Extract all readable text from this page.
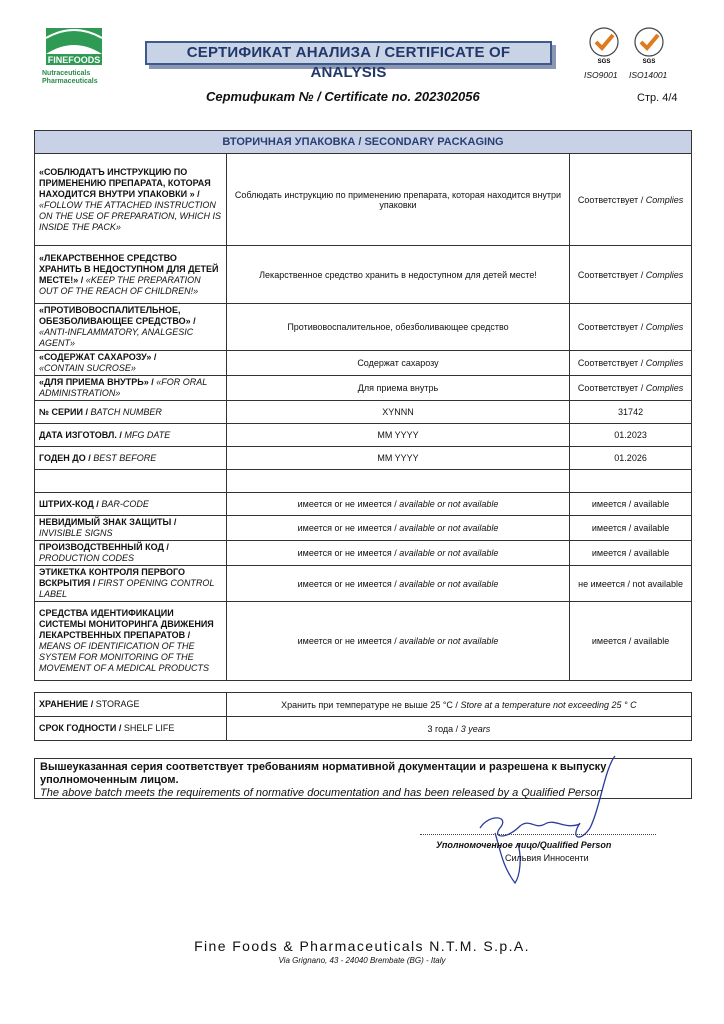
FINEFOODS
Nutraceuticals
Pharmaceuticals
СЕРТИФИКАТ АНАЛИЗА / CERTIFICATE OF ANALYSIS
SGS	SGS
ISO9001 ISO14001
Сертификат № / Certificate no. 202302056	Стр. 4/4
ВТОРИЧНАЯ УПАКОВКА / SECONDARY PACKAGING		
«СОБЛЮДАТЪ ИНСТРУКЦИЮ ПО ПРИМЕНЕНИЮ ПРЕПАРАТА, КОТОРАЯ НАХОДИТСЯ ВНУТРИ УПАКОВКИ » /
«FOLLOW THE ATTACHED INSTRUCTION ON THE USE OF PREPARATION, WHICH IS INSIDE THE PACK»	Соблюдать инструкцию по применению препарата, которая находится внутри упаковки	Соответствует / Complies
«ЛЕКАРСТВЕННОЕ СРЕДСТВО ХРАНИТЬ В НЕДОСТУПНОМ ДЛЯ ДЕТЕЙ МЕСТЕ!» / «KEEP THE PREPARATION OUT OF THE REACH OF CHILDREN!»	Лекарственное средство хранить в недоступном для детей месте!	Соответствует / Complies
«ПРОТИВОВОСПАЛИТЕЛЬНОЕ, ОБЕЗБОЛИВАЮЩЕЕ СРЕДСТВО» /
«ANTI-INFLAMMATORY, ANALGESIC AGENT»	Противовоспалительное, обезболивающее средство	Соответствует / Complies
«СОДЕРЖАТ САХАРОЗУ» /
«CONTAIN SUCROSE»	Содержат сахарозу	Соответствует / Complies
«ДЛЯ ПРИЕМА ВНУТРЬ» / «FOR ORAL ADMINISTRATION»	Для приема внутрь	Соответствует / Complies
№ СЕРИИ / BATCH NUMBER	XYNNN	31742
ДАТА ИЗГОТОВЛ. / MFG DATE	MM YYYY	01.2023
ГОДЕН ДО / BEST BEFORE	MM YYYY	01.2026

ШТРИХ-КОД / BAR-CODE	имеется or не имеется / available or not available	имеется / available
НЕВИДИМЫЙ ЗНАК ЗАЩИТЫ /
INVISIBLE SIGNS	имеется or не имеется / available or not available	имеется / available
ПРОИЗВОДСТВЕННЫЙ КОД /
PRODUCTION CODES	имеется or не имеется / available or not available	имеется / available
ЭТИКЕТКА КОНТРОЛЯ ПЕРВОГО ВСКРЫТИЯ / FIRST OPENING CONTROL LABEL	имеется or не имеется / available or not available	не имеется / not available
СРЕДСТВА ИДЕНТИФИКАЦИИ СИСТЕМЫ МОНИТОРИНГА ДВИЖЕНИЯ ЛЕКАРСТВЕННЫХ ПРЕПАРАТОВ / MEANS OF IDENTIFICATION OF THE SYSTEM FOR MONITORING OF THE MOVEMENT OF A MEDICAL PRODUCTS	имеется or не имеется / available or not available	имеется / available
ХРАНЕНИЕ / STORAGE	Хранить при температуре не выше 25 °C / Store at a temperature not exceeding 25 ° C
СРОК ГОДНОСТИ / SHELF LIFE	3 года / 3 years
Вышеуказанная серия соответствует требованиям нормативной документации и разрешена к выпуску уполномоченным лицом.
The above batch meets the requirements of normative documentation and has been released by a Qualified Person
Уполномоченное лицо/Qualified Person
Сильвия Инносенти
Fine Foods & Pharmaceuticals N.T.M. S.p.A.
Via Grignano, 43 - 24040 Brembate (BG) - Italy
